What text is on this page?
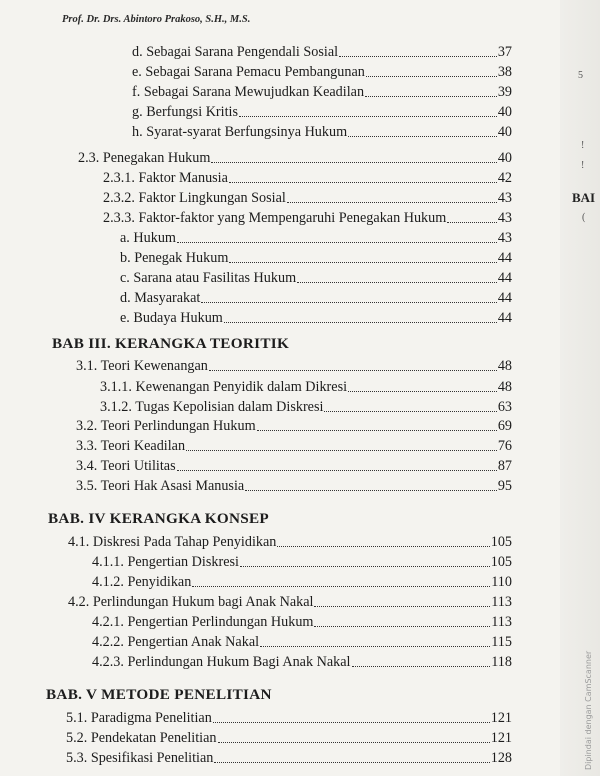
Prof. Dr. Drs. Abintoro Prakoso, S.H., M.S.
d. Sebagai Sarana Pengendali Sosial	37
e. Sebagai Sarana Pemacu Pembangunan	38
f. Sebagai Sarana Mewujudkan Keadilan	39
g. Berfungsi Kritis	40
h. Syarat-syarat Berfungsinya Hukum	40
2.3. Penegakan Hukum	40
2.3.1. Faktor Manusia	42
2.3.2. Faktor Lingkungan Sosial	43
2.3.3. Faktor-faktor yang Mempengaruhi Penegakan Hukum	43
a. Hukum	43
b. Penegak Hukum	44
c. Sarana atau Fasilitas Hukum	44
d. Masyarakat	44
e. Budaya Hukum	44
BAB III. KERANGKA TEORITIK
3.1. Teori Kewenangan	48
3.1.1. Kewenangan Penyidik dalam Dikresi	48
3.1.2. Tugas Kepolisian dalam Diskresi	63
3.2. Teori Perlindungan Hukum	69
3.3. Teori Keadilan	76
3.4. Teori Utilitas	87
3.5. Teori Hak Asasi Manusia	95
BAB. IV KERANGKA KONSEP
4.1. Diskresi Pada Tahap Penyidikan	105
4.1.1. Pengertian Diskresi	105
4.1.2. Penyidikan	110
4.2. Perlindungan Hukum bagi Anak Nakal	113
4.2.1. Pengertian Perlindungan Hukum	113
4.2.2. Pengertian Anak Nakal	115
4.2.3. Perlindungan Hukum Bagi Anak Nakal	118
BAB. V METODE PENELITIAN
5.1. Paradigma Penelitian	121
5.2. Pendekatan Penelitian	121
5.3. Spesifikasi Penelitian	128
5
!
!
BAI
(
Dipindai dengan CamScanner
